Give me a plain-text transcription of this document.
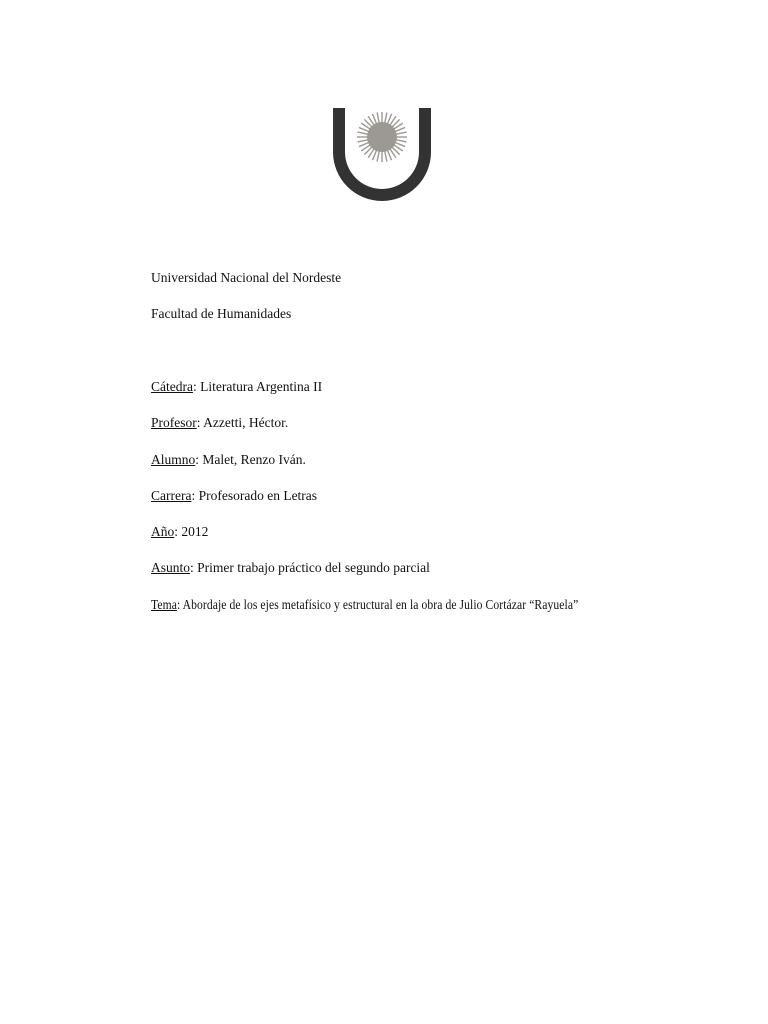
Universidad Nacional del Nordeste
Facultad de Humanidades
Cátedra: Literatura Argentina II
Profesor: Azzetti, Héctor.
Alumno: Malet, Renzo Iván.
Carrera: Profesorado en Letras
Año: 2012
Asunto: Primer trabajo práctico del segundo parcial
Tema: Abordaje de los ejes metafísico y estructural en la obra de Julio Cortázar “Rayuela”
